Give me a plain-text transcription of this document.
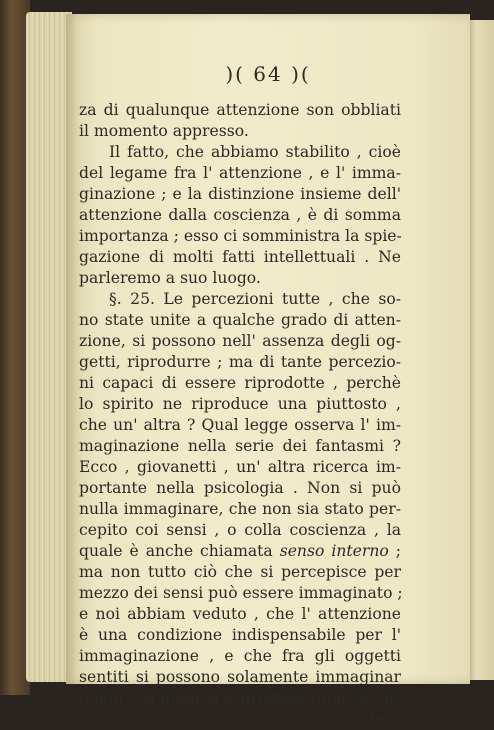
)( 64 )(
za di qualunque attenzione son obbliati
il momento appresso.
Il fatto, che abbiamo stabilito , cioè
del legame fra l' attenzione , e l' imma-
ginazione ; e la distinzione insieme dell'
attenzione dalla coscienza , è di somma
importanza ; esso ci somministra la spie-
gazione di molti fatti intellettuali . Ne
parleremo a suo luogo.
§. 25. Le percezioni tutte , che so-
no state unite a qualche grado di atten-
zione, si possono nell' assenza degli og-
getti, riprodurre ; ma di tante percezio-
ni capaci di essere riprodotte , perchè
lo spirito ne riproduce una piuttosto ,
che un' altra ? Qual legge osserva l' im-
maginazione nella serie dei fantasmi ?
Ecco , giovanetti , un' altra ricerca im-
portante nella psicologia . Non si può
nulla immaginare, che non sia stato per-
cepito coi sensi , o colla coscienza , la
quale è anche chiamata senso interno ;
ma non tutto ciò che si percepisce per
mezzo dei sensi può essere immaginato ;
e noi abbiam veduto , che l' attenzione
è una condizione indispensabile per l'
immaginazione , e che fra gli oggetti
sentiti si possono solamente immaginar
quelli , ai quali si è prestata qualche at-
ten-
